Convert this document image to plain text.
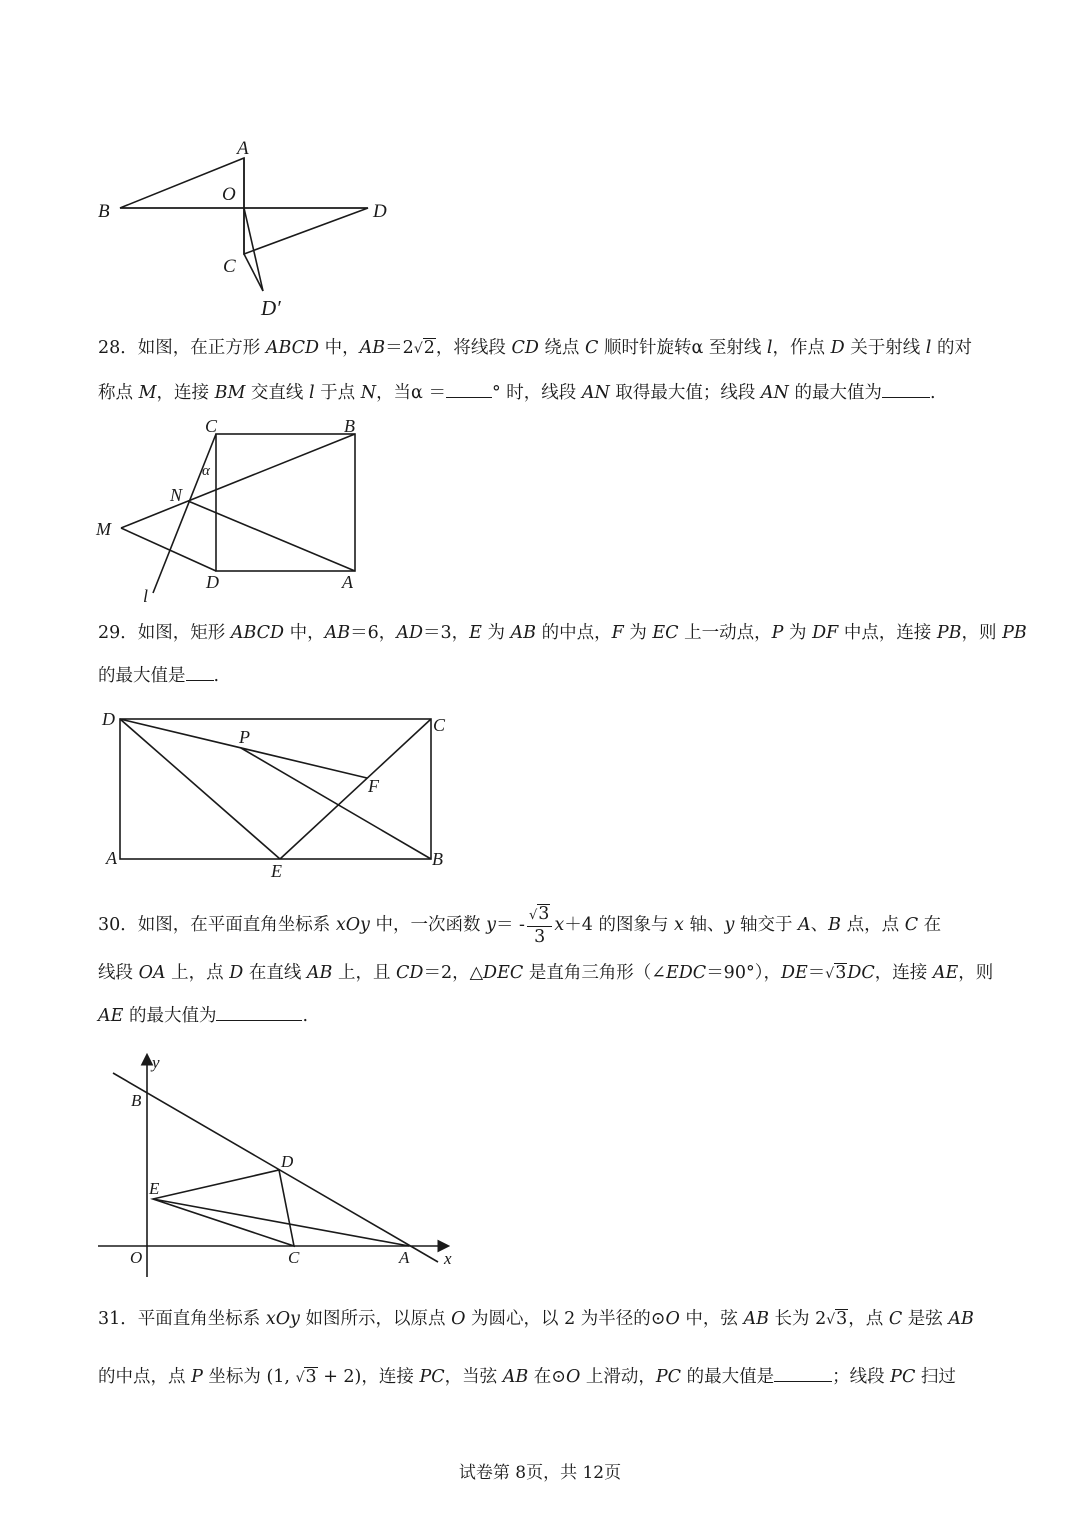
A
B
O
D
C
D′
28．如图，在正方形 ABCD 中，AB＝2√2，将线段 CD 绕点 C 顺时针旋转α 至射线 l，作点 D 关于射线 l 的对
称点 M，连接 BM 交直线 l 于点 N，当α ＝	° 时，线段 AN 取得最大值；线段 AN 的最大值为	.
C	B
α
N
M
D	A
l
29．如图，矩形 ABCD 中，AB＝6，AD＝3，E 为 AB 的中点，F 为 EC 上一动点，P 为 DF 中点，连接 PB，则 PB
的最大值是 .
D	C
P
F
A
E
B
30．如图，在平面直角坐标系 xOy 中，一次函数 $y= - \frac{√3}{3} x+4$ 的图象与 x 轴、y 轴交于 A、B 点，点 C 在
线段 OA 上，点 D 在直线 AB 上，且 CD＝2，△DEC 是直角三角形（∠EDC＝90°），DE＝√3DC，连接 AE，则
AE 的最大值为	.
y
B
D
E
O	C	A x
31．平面直角坐标系 xOy 如图所示，以原点 O 为圆心，以 2 为半径的⊙O 中，弦 AB 长为 2√3，点 C 是弦 AB
的中点，点 P 坐标为 (1, √3 + 2)，连接 PC，当弦 AB 在⊙O 上滑动，PC 的最大值是	；线段 PC 扫过
试卷第 8页，共 12页
